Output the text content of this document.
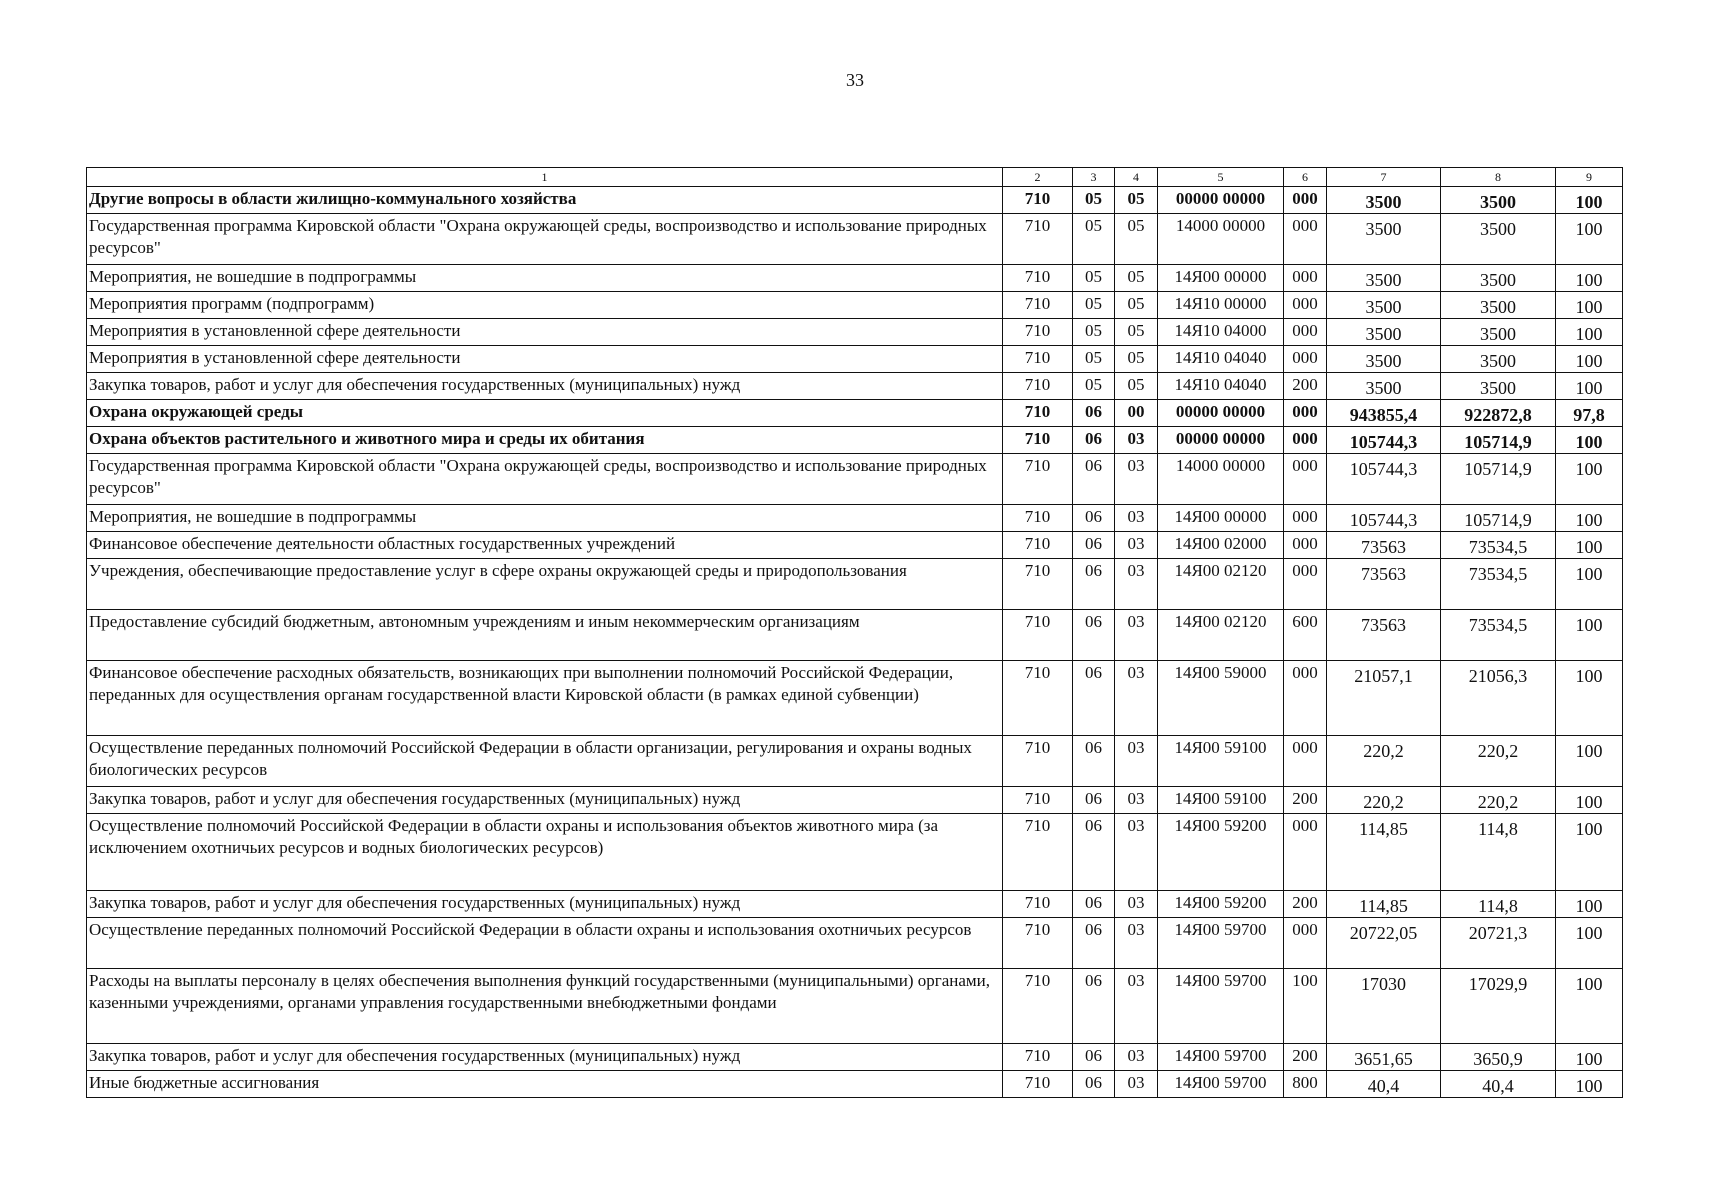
33
1	2	3	4	5	6	7	8	9
Другие вопросы в области жилищно-коммунального хозяйства	710	05	05	00000 00000	000	3500	3500	100
Государственная программа Кировской области "Охрана окружающей среды, воспроизводство и использование природных ресурсов"	710	05	05	14000 00000	000	3500	3500	100
Мероприятия, не вошедшие в подпрограммы	710	05	05	14Я00 00000	000	3500	3500	100
Мероприятия программ (подпрограмм)	710	05	05	14Я10 00000	000	3500	3500	100
Мероприятия в установленной сфере деятельности	710	05	05	14Я10 04000	000	3500	3500	100
Мероприятия в установленной сфере деятельности	710	05	05	14Я10 04040	000	3500	3500	100
Закупка товаров, работ и услуг для обеспечения государственных (муниципальных) нужд	710	05	05	14Я10 04040	200	3500	3500	100
Охрана окружающей среды	710	06	00	00000 00000	000	943855,4	922872,8	97,8
Охрана объектов растительного и животного мира и среды их обитания	710	06	03	00000 00000	000	105744,3	105714,9	100
Государственная программа Кировской области "Охрана окружающей среды, воспроизводство и использование природных ресурсов"	710	06	03	14000 00000	000	105744,3	105714,9	100
Мероприятия, не вошедшие в подпрограммы	710	06	03	14Я00 00000	000	105744,3	105714,9	100
Финансовое обеспечение деятельности областных государственных учреждений	710	06	03	14Я00 02000	000	73563	73534,5	100
Учреждения, обеспечивающие предоставление услуг в сфере охраны окружающей среды и природопользования	710	06	03	14Я00 02120	000	73563	73534,5	100
Предоставление субсидий бюджетным, автономным учреждениям и иным некоммерческим организациям	710	06	03	14Я00 02120	600	73563	73534,5	100
Финансовое обеспечение расходных обязательств, возникающих при выполнении полномочий Российской Федерации, переданных для осуществления органам государственной власти Кировской области (в рамках единой субвенции)	710	06	03	14Я00 59000	000	21057,1	21056,3	100
Осуществление переданных полномочий Российской Федерации в области организации, регулирования и охраны водных биологических ресурсов	710	06	03	14Я00 59100	000	220,2	220,2	100
Закупка товаров, работ и услуг для обеспечения государственных (муниципальных) нужд	710	06	03	14Я00 59100	200	220,2	220,2	100
Осуществление полномочий Российской Федерации в области охраны и использования объектов животного мира (за исключением охотничьих ресурсов и водных биологических ресурсов)	710	06	03	14Я00 59200	000	114,85	114,8	100
Закупка товаров, работ и услуг для обеспечения государственных (муниципальных) нужд	710	06	03	14Я00 59200	200	114,85	114,8	100
Осуществление переданных полномочий Российской Федерации в области охраны и использования охотничьих ресурсов	710	06	03	14Я00 59700	000	20722,05	20721,3	100
Расходы на выплаты персоналу в целях обеспечения выполнения функций государственными (муниципальными) органами, казенными учреждениями, органами управления государственными внебюджетными фондами	710	06	03	14Я00 59700	100	17030	17029,9	100
Закупка товаров, работ и услуг для обеспечения государственных (муниципальных) нужд	710	06	03	14Я00 59700	200	3651,65	3650,9	100
Иные бюджетные ассигнования	710	06	03	14Я00 59700	800	40,4	40,4	100
